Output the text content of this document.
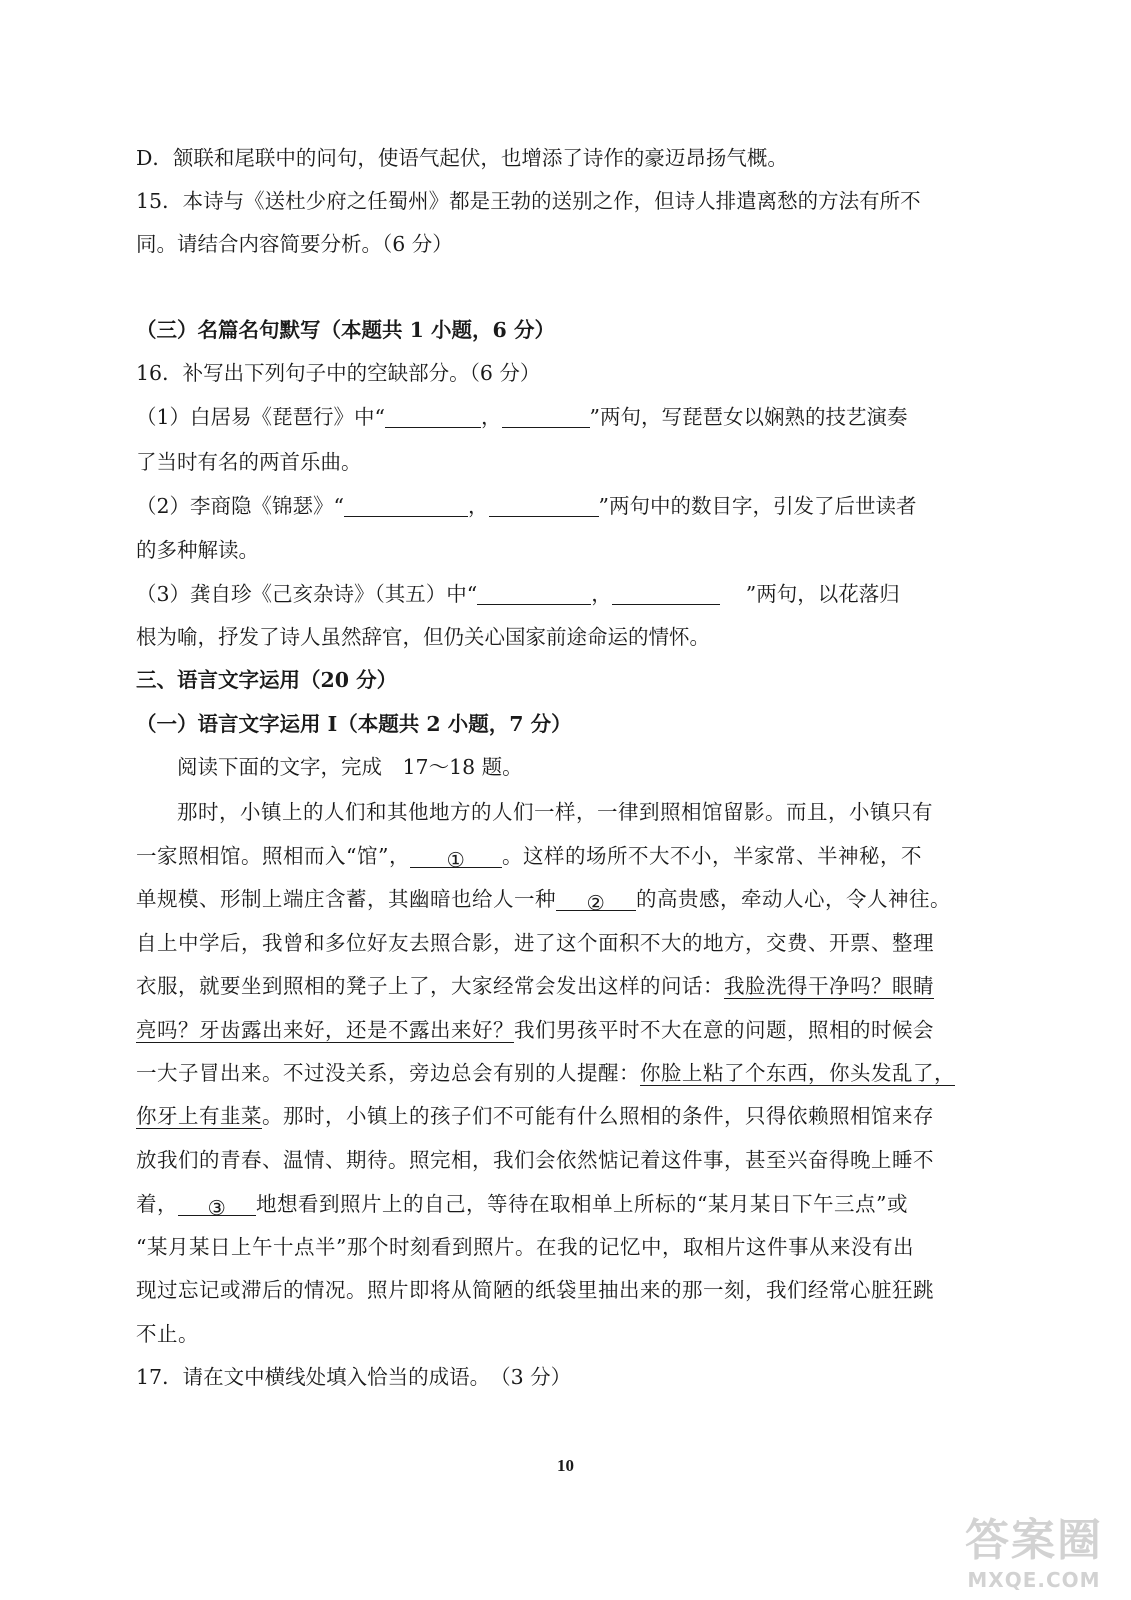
D．颔联和尾联中的问句，使语气起伏，也增添了诗作的豪迈昂扬气概。
15．本诗与《送杜少府之任蜀州》都是王勃的送别之作，但诗人排遣离愁的方法有所不
同。请结合内容简要分析。（6 分）
（三）名篇名句默写（本题共 1 小题，6 分）
16．补写出下列句子中的空缺部分。（6 分）
（1）白居易《琵琶行》中“	，	”两句，写琵琶女以娴熟的技艺演奏
了当时有名的两首乐曲。
（2）李商隐《锦瑟》“	，	”两句中的数目字，引发了后世读者
的多种解读。
（3）龚自珍《己亥杂诗》（其五）中“	，	”两句，以花落归
根为喻，抒发了诗人虽然辞官，但仍关心国家前途命运的情怀。
三、语言文字运用（20 分）
（一）语言文字运用 I（本题共 2 小题，7 分）
阅读下面的文字，完成　17～18 题。
那时，小镇上的人们和其他地方的人们一样，一律到照相馆留影。而且，小镇只有
一家照相馆。照相而入“馆”， ① 。这样的场所不大不小，半家常、半神秘，不
单规模、形制上端庄含蓄，其幽暗也给人一种 ② 的高贵感，牵动人心，令人神往。
自上中学后，我曾和多位好友去照合影，进了这个面积不大的地方，交费、开票、整理
衣服，就要坐到照相的凳子上了，大家经常会发出这样的问话：我脸洗得干净吗？眼睛
亮吗？牙齿露出来好，还是不露出来好？我们男孩平时不大在意的问题，照相的时候会
一大子冒出来。不过没关系，旁边总会有别的人提醒：你脸上粘了个东西，你头发乱了，
你牙上有韭菜。那时，小镇上的孩子们不可能有什么照相的条件，只得依赖照相馆来存
放我们的青春、温情、期待。照完相，我们会依然惦记着这件事，甚至兴奋得晚上睡不
着， ③ 地想看到照片上的自己，等待在取相单上所标的“某月某日下午三点”或
“某月某日上午十点半”那个时刻看到照片。在我的记忆中，取相片这件事从来没有出
现过忘记或滞后的情况。照片即将从简陋的纸袋里抽出来的那一刻，我们经常心脏狂跳
不止。
17．请在文中横线处填入恰当的成语。　（3 分）
10
答案圈
MXQE.COM
